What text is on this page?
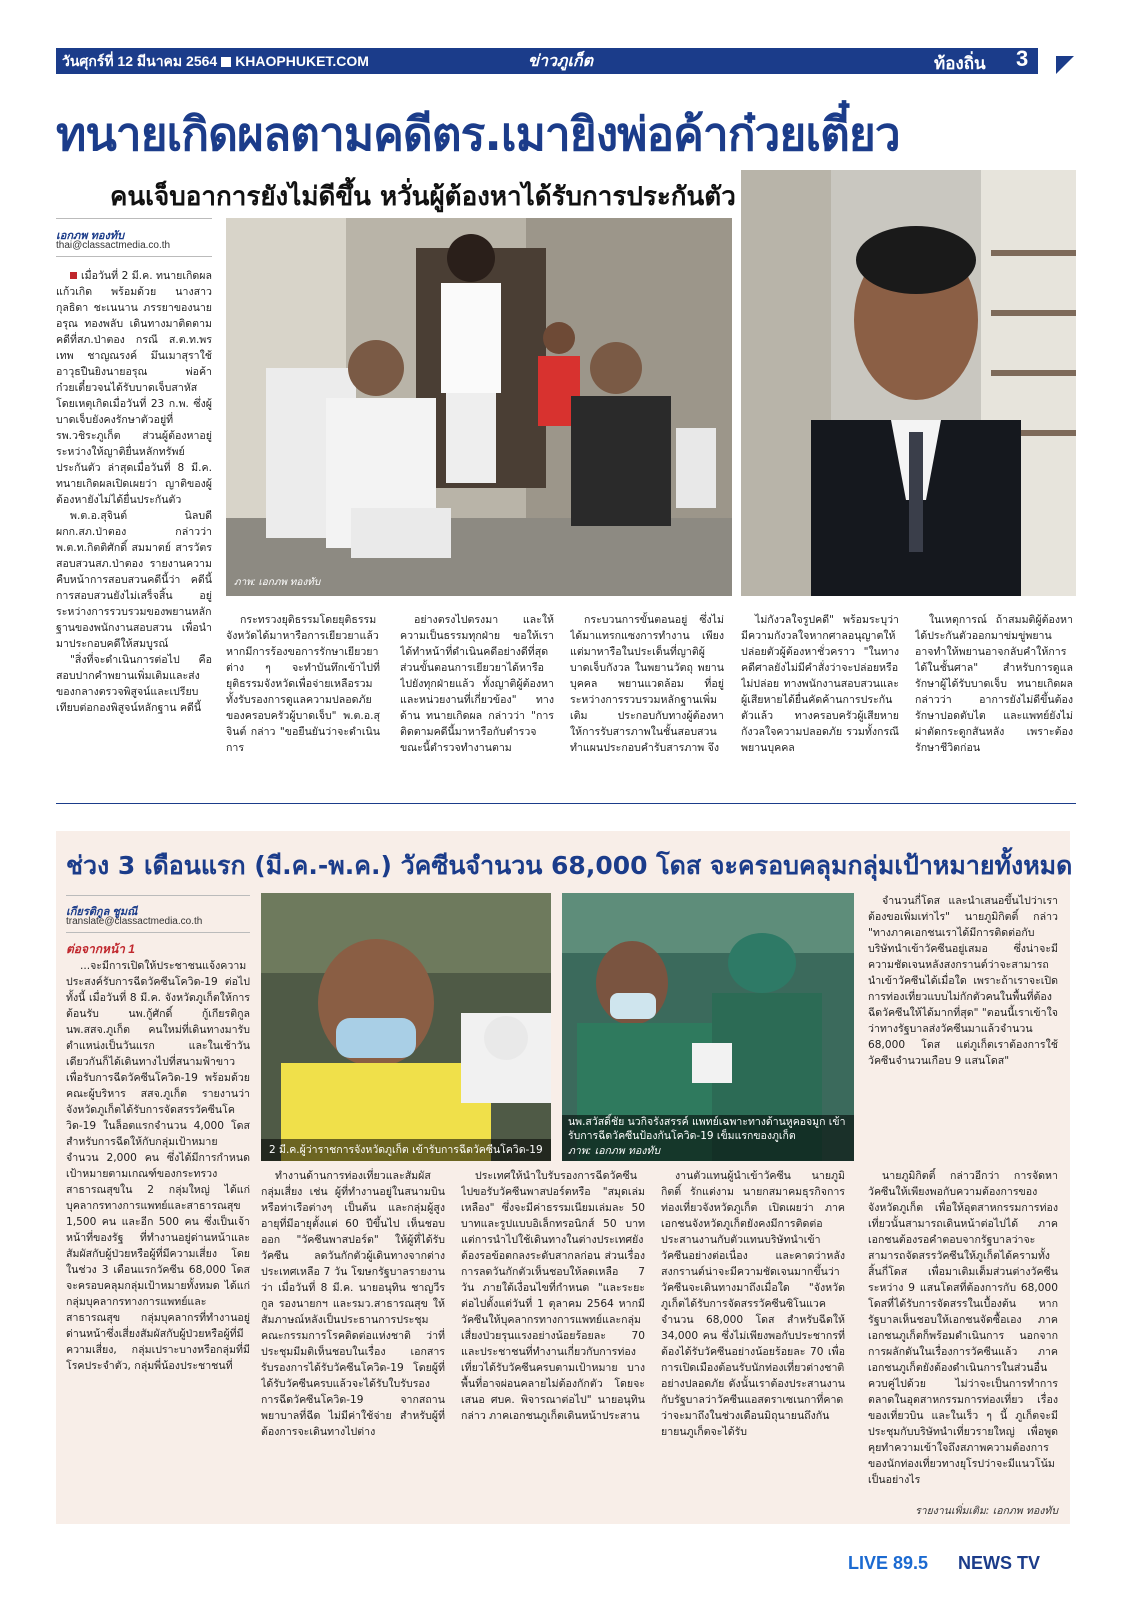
วันศุกร์ที่ 12 มีนาคม 2564 KHAOPHUKET.COM	ข่าวภูเก็ต	ท้องถิ่น 3
ทนายเกิดผลตามคดีตร.เมายิงพ่อค้าก๋วยเตี๋ยว
คนเจ็บอาการยังไม่ดีขึ้น หวั่นผู้ต้องหาได้รับการประกันตัว
เอกภพ ทองทับ
thai@classactmedia.co.th

เมื่อวันที่ 2 มี.ค. ทนายเกิดผลแก้วเกิด พร้อมด้วย นางสาวกุลธิดา ชะเนนาน ภรรยาของนายอรุณ ทองพลับ เดินทางมาติดตามคดีที่สภ.ป่าตอง กรณี ส.ต.ท.พรเทพ ชาญณรงค์ มึนเมาสุราใช้อาวุธปืนยิงนายอรุณ พ่อค้าก๋วยเตี๋ยวจนได้รับบาดเจ็บสาหัส โดยเหตุเกิดเมื่อวันที่ 23 ก.พ. ซึ่งผู้บาดเจ็บยังคงรักษาตัวอยู่ที่รพ.วชิระภูเก็ต ส่วนผู้ต้องหาอยู่ระหว่างให้ญาติยื่นหลักทรัพย์ประกันตัว ล่าสุดเมื่อวันที่ 8 มี.ค. ทนายเกิดผลเปิดเผยว่า ญาติของผู้ต้องหายังไม่ได้ยื่นประกันตัว

พ.ต.อ.สุจินต์ นิลบดี ผกก.สภ.ป่าตอง กล่าวว่า พ.ต.ท.กิตติศักดิ์ สมมาตย์ สารวัตรสอบสวนสภ.ป่าตอง รายงานความคืบหน้าการสอบสวนคดีนี้ว่า คดีนี้การสอบสวนยังไม่เสร็จสิ้น อยู่ระหว่างการรวบรวมของพยานหลักฐานของพนักงานสอบสวน เพื่อนำมาประกอบคดีให้สมบูรณ์

"สิ่งที่จะดำเนินการต่อไป คือ สอบปากคำพยานเพิ่มเติมและส่งของกลางตรวจพิสูจน์และเปรียบเทียบต่อกองพิสูจน์หลักฐาน คดีนี้

ภาพ: เอกภพ ทองทับ

กระทรวงยุติธรรมโดยยุติธรรมจังหวัดได้มาหารือการเยียวยาแล้ว หากมีการร้องขอการรักษาเยียวยาต่าง ๆ จะทำบันทึกเข้าไปที่ยุติธรรมจังหวัดเพื่อจ่ายเหลือรวมทั้งรับรองการดูแลความปลอดภัยของครอบครัวผู้บาดเจ็บ" พ.ต.อ.สุจินต์ กล่าว "ขอยืนยันว่าจะดำเนินการ

อย่างตรงไปตรงมา และให้ความเป็นธรรมทุกฝ่าย ขอให้เราได้ทำหน้าที่ดำเนินคดีอย่างดีที่สุด ส่วนขั้นตอนการเยียวยาได้หารือไปยังทุกฝ่ายแล้ว ทั้งญาติผู้ต้องหาและหน่วยงานที่เกี่ยวข้อง" ทางด้าน ทนายเกิดผล กล่าวว่า "การติดตามคดีนี้มาหารือกับตำรวจ ขณะนี้ตำรวจทำงานตาม

กระบวนการขั้นตอนอยู่ ซึ่งไม่ได้มาแทรกแซงการทำงาน เพียงแต่มาหารือในประเด็นที่ญาติผู้บาดเจ็บกังวล ในพยานวัตถุ พยานบุคคล พยานแวดล้อม ที่อยู่ระหว่างการรวบรวมหลักฐานเพิ่มเติม ประกอบกับทางผู้ต้องหาให้การรับสารภาพในชั้นสอบสวนทำแผนประกอบคำรับสารภาพ จึง

ไม่กังวลใจรูปคดี" พร้อมระบุว่า มีความกังวลใจหากศาลอนุญาตให้ปล่อยตัวผู้ต้องหาชั่วคราว "ในทางคดีศาลยังไม่มีคำสั่งว่าจะปล่อยหรือไม่ปล่อย ทางพนักงานสอบสวนและผู้เสียหายได้ยื่นคัดค้านการประกันตัวแล้ว ทางครอบครัวผู้เสียหายกังวลใจความปลอดภัย รวมทั้งกรณีพยานบุคคล

ในเหตุการณ์ ถ้าสมมติผู้ต้องหาได้ประกันตัวออกมาข่มขู่พยาน อาจทำให้พยานอาจกลับคำให้การได้ในชั้นศาล" สำหรับการดูแลรักษาผู้ได้รับบาดเจ็บ ทนายเกิดผล กล่าวว่า อาการยังไม่ดีขึ้นต้องรักษาปอดตับไต และแพทย์ยังไม่ผ่าตัดกระดูกสันหลัง เพราะต้องรักษาชีวิตก่อน

ช่วง 3 เดือนแรก (มี.ค.-พ.ค.) วัคซีนจำนวน 68,000 โดส จะครอบคลุมกลุ่มเป้าหมายทั้งหมด
เกียรติกูล ชูมณี
translate@classactmedia.co.th
ต่อจากหน้า 1

...จะมีการเปิดให้ประชาชนแจ้งความประสงค์รับการฉีดวัคซีนโควิด-19 ต่อไป ทั้งนี้ เมื่อวันที่ 8 มี.ค. จังหวัดภูเก็ตให้การต้อนรับ นพ.กู้ศักดิ์ กู้เกียรติกูล นพ.สสจ.ภูเก็ต คนใหม่ที่เดินทางมารับตำแหน่งเป็นวันแรก และในเช้าวันเดียวกันก็ได้เดินทางไปที่สนามฟ้าขาว เพื่อรับการฉีดวัคซีนโควิด-19 พร้อมด้วยคณะผู้บริหาร สสจ.ภูเก็ต รายงานว่า จังหวัดภูเก็ตได้รับการจัดสรรวัคซีนโควิด-19 ในล็อตแรกจำนวน 4,000 โดส สำหรับการฉีดให้กับกลุ่มเป้าหมายจำนวน 2,000 คน ซึ่งได้มีการกำหนดเป้าหมายตามเกณฑ์ของกระทรวงสาธารณสุขใน 2 กลุ่มใหญ่ ได้แก่ บุคลากรทางการแพทย์และสาธารณสุข 1,500 คน และอีก 500 คน ซึ่งเป็นเจ้าหน้าที่ของรัฐ ที่ทำงานอยู่ด่านหน้าและสัมผัสกับผู้ป่วยหรือผู้ที่มีความเสี่ยง โดยในช่วง 3 เดือนแรกวัคซีน 68,000 โดส จะครอบคลุมกลุ่มเป้าหมายทั้งหมด ได้แก่ กลุ่มบุคลากรทางการแพทย์และสาธารณสุข กลุ่มบุคลากรที่ทำงานอยู่ด่านหน้าซึ่งเสี่ยงสัมผัสกับผู้ป่วยหรือผู้ที่มีความเสี่ยง, กลุ่มเปราะบางหรือกลุ่มที่มีโรคประจำตัว, กลุ่มพี่น้องประชาชนที่

2 มี.ค.ผู้ว่าราชการจังหวัดภูเก็ต เข้ารับการฉีดวัคซีนโควิด-19
นพ.สวัสดิ์ชัย นวกิจรังสรรค์ แพทย์เฉพาะทางด้านหูคอจมูก เข้ารับการฉีดวัคซีนป้องกันโควิด-19 เข็มแรกของภูเก็ต
ภาพ: เอกภพ ทองทับ

ทำงานด้านการท่องเที่ยวและสัมผัสกลุ่มเสี่ยง เช่น ผู้ที่ทำงานอยู่ในสนามบินหรือท่าเรือต่างๆ เป็นต้น และกลุ่มผู้สูงอายุที่มีอายุตั้งแต่ 60 ปีขึ้นไป เห็นชอบออก "วัคซีนพาสปอร์ต" ให้ผู้ที่ได้รับวัคซีน ลดวันกักตัวผู้เดินทางจากต่างประเทศเหลือ 7 วัน โฆษกรัฐบาลรายงานว่า เมื่อวันที่ 8 มี.ค. นายอนุทิน ชาญวีรกูล รองนายกฯ และรมว.สาธารณสุข ให้สัมภาษณ์หลังเป็นประธานการประชุมคณะกรรมการโรคติดต่อแห่งชาติ ว่าที่ประชุมมีมติเห็นชอบในเรื่อง เอกสารรับรองการได้รับวัคซีนโควิด-19 โดยผู้ที่ได้รับวัคซีนครบแล้วจะได้รับใบรับรองการฉีดวัคซีนโควิด-19 จากสถานพยาบาลที่ฉีด ไม่มีค่าใช้จ่าย สำหรับผู้ที่ต้องการจะเดินทางไปต่าง

ประเทศให้นำใบรับรองการฉีดวัคซีนไปขอรับวัคซีนพาสปอร์ตหรือ "สมุดเล่มเหลือง" ซึ่งจะมีค่าธรรมเนียมเล่มละ 50 บาทและรูปแบบอิเล็กทรอนิกส์ 50 บาท แต่การนำไปใช้เดินทางในต่างประเทศยังต้องรอข้อตกลงระดับสากลก่อน ส่วนเรื่องการลดวันกักตัวเห็นชอบให้ลดเหลือ 7 วัน ภายใต้เงื่อนไขที่กำหนด "และระยะต่อไปตั้งแต่วันที่ 1 ตุลาคม 2564 หากมีวัคซีนให้บุคลากรทางการแพทย์และกลุ่มเสี่ยงป่วยรุนแรงอย่างน้อยร้อยละ 70 และประชาชนที่ทำงานเกี่ยวกับการท่องเที่ยวได้รับวัคซีนครบตามเป้าหมาย บางพื้นที่อาจผ่อนคลายไม่ต้องกักตัว โดยจะเสนอ ศบค. พิจารณาต่อไป" นายอนุทิน กล่าว ภาคเอกชนภูเก็ตเดินหน้าประสาน

งานตัวแทนผู้นำเข้าวัคซีน นายภูมิกิตติ์ รักแต่งาม นายกสมาคมธุรกิจการท่องเที่ยวจังหวัดภูเก็ต เปิดเผยว่า ภาคเอกชนจังหวัดภูเก็ตยังคงมีการติดต่อประสานงานกับตัวแทนบริษัทนำเข้าวัคซีนอย่างต่อเนื่อง และคาดว่าหลังสงกรานต์น่าจะมีความชัดเจนมากขึ้นว่าวัคซีนจะเดินทางมาถึงเมื่อใด "จังหวัดภูเก็ตได้รับการจัดสรรวัคซีนซิโนแวคจำนวน 68,000 โดส สำหรับฉีดให้ 34,000 คน ซึ่งไม่เพียงพอกับประชากรที่ต้องได้รับวัคซีนอย่างน้อยร้อยละ 70 เพื่อการเปิดเมืองต้อนรับนักท่องเที่ยวต่างชาติอย่างปลอดภัย ดังนั้นเราต้องประสานงานกับรัฐบาลว่าวัคซีนแอสตราเซเนกาที่คาดว่าจะมาถึงในช่วงเดือนมิถุนายนถึงกันยายนภูเก็ตจะได้รับ

จำนวนกี่โดส และนำเสนอขึ้นไปว่าเราต้องขอเพิ่มเท่าไร" นายภูมิกิตติ์ กล่าว "ทางภาคเอกชนเราได้มีการติดต่อกับบริษัทนำเข้าวัคซีนอยู่เสมอ ซึ่งน่าจะมีความชัดเจนหลังสงกรานต์ว่าจะสามารถนำเข้าวัคซีนได้เมื่อใด เพราะถ้าเราจะเปิดการท่องเที่ยวแบบไม่กักตัวคนในพื้นที่ต้องฉีดวัคซีนให้ได้มากที่สุด" "ตอนนี้เราเข้าใจว่าทางรัฐบาลส่งวัคซีนมาแล้วจำนวน 68,000 โดส แต่ภูเก็ตเราต้องการใช้วัคซีนจำนวนเกือบ 9 แสนโดส"

นายภูมิกิตติ์ กล่าวอีกว่า การจัดหาวัคซีนให้เพียงพอกับความต้องการของจังหวัดภูเก็ต เพื่อให้อุตสาหกรรมการท่องเที่ยวนั้นสามารถเดินหน้าต่อไปได้ ภาคเอกชนต้องรอคำตอบจากรัฐบาลว่าจะสามารถจัดสรรวัคซีนให้ภูเก็ตได้ครามทั้งสิ้นกี่โดส เพื่อมาเติมเต็มส่วนต่างวัคซีนระหว่าง 9 แสนโดสที่ต้องการกับ 68,000 โดสที่ได้รับการจัดสรรในเบื้องต้น หากรัฐบาลเห็นชอบให้เอกชนจัดซื้อเอง ภาคเอกชนภูเก็ตก็พร้อมดำเนินการ นอกจากการผลักดันในเรื่องการวัคซีนแล้ว ภาคเอกชนภูเก็ตยังต้องดำเนินการในส่วนอื่นควบคู่ไปด้วย ไม่ว่าจะเป็นการทำการตลาดในอุตสาหกรรมการท่องเที่ยว เรื่องของเที่ยวบิน และในเร็ว ๆ นี้ ภูเก็ตจะมีประชุมกับบริษัทนำเที่ยวรายใหญ่ เพื่อพูดคุยทำความเข้าใจถึงสภาพความต้องการของนักท่องเที่ยวทางยุโรปว่าจะมีแนวโน้มเป็นอย่างไร

รายงานเพิ่มเติม: เอกภพ ทองทับ
LIVE 89.5 NEWS TV
